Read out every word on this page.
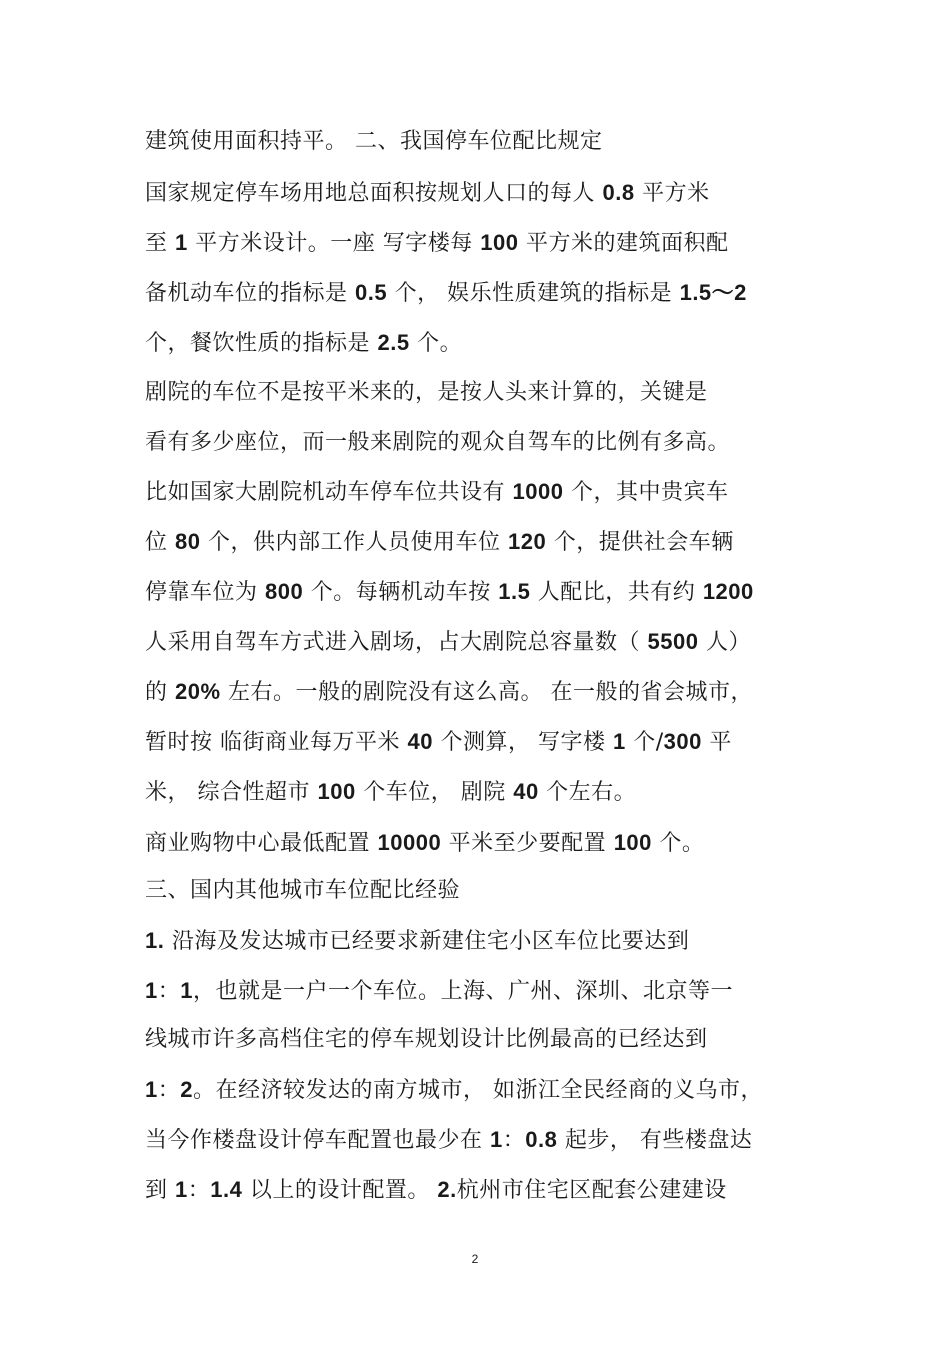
建筑使用面积持平。 二、我国停车位配比规定
国家规定停车场用地总面积按规划人口的每人 0.8 平方米
至 1 平方米设计。一座 写字楼每 100 平方米的建筑面积配
备机动车位的指标是 0.5 个， 娱乐性质建筑的指标是 1.5～2
个，餐饮性质的指标是 2.5 个。
剧院的车位不是按平米来的，是按人头来计算的，关键是
看有多少座位，而一般来剧院的观众自驾车的比例有多高。
比如国家大剧院机动车停车位共设有 1000 个，其中贵宾车
位 80 个，供内部工作人员使用车位 120 个，提供社会车辆
停靠车位为 800 个。每辆机动车按 1.5 人配比，共有约 1200
人采用自驾车方式进入剧场，占大剧院总容量数（ 5500 人）
的 20% 左右。一般的剧院没有这么高。 在一般的省会城市，
暂时按 临街商业每万平米 40 个测算， 写字楼 1 个/300 平
米， 综合性超市 100 个车位， 剧院 40 个左右。
商业购物中心最低配置 10000 平米至少要配置 100 个。
三、国内其他城市车位配比经验
1. 沿海及发达城市已经要求新建住宅小区车位比要达到
1：1，也就是一户一个车位。上海、广州、深圳、北京等一
线城市许多高档住宅的停车规划设计比例最高的已经达到
1：2。在经济较发达的南方城市， 如浙江全民经商的义乌市，
当今作楼盘设计停车配置也最少在 1：0.8 起步， 有些楼盘达
到 1：1.4 以上的设计配置。 2.杭州市住宅区配套公建建设
2
